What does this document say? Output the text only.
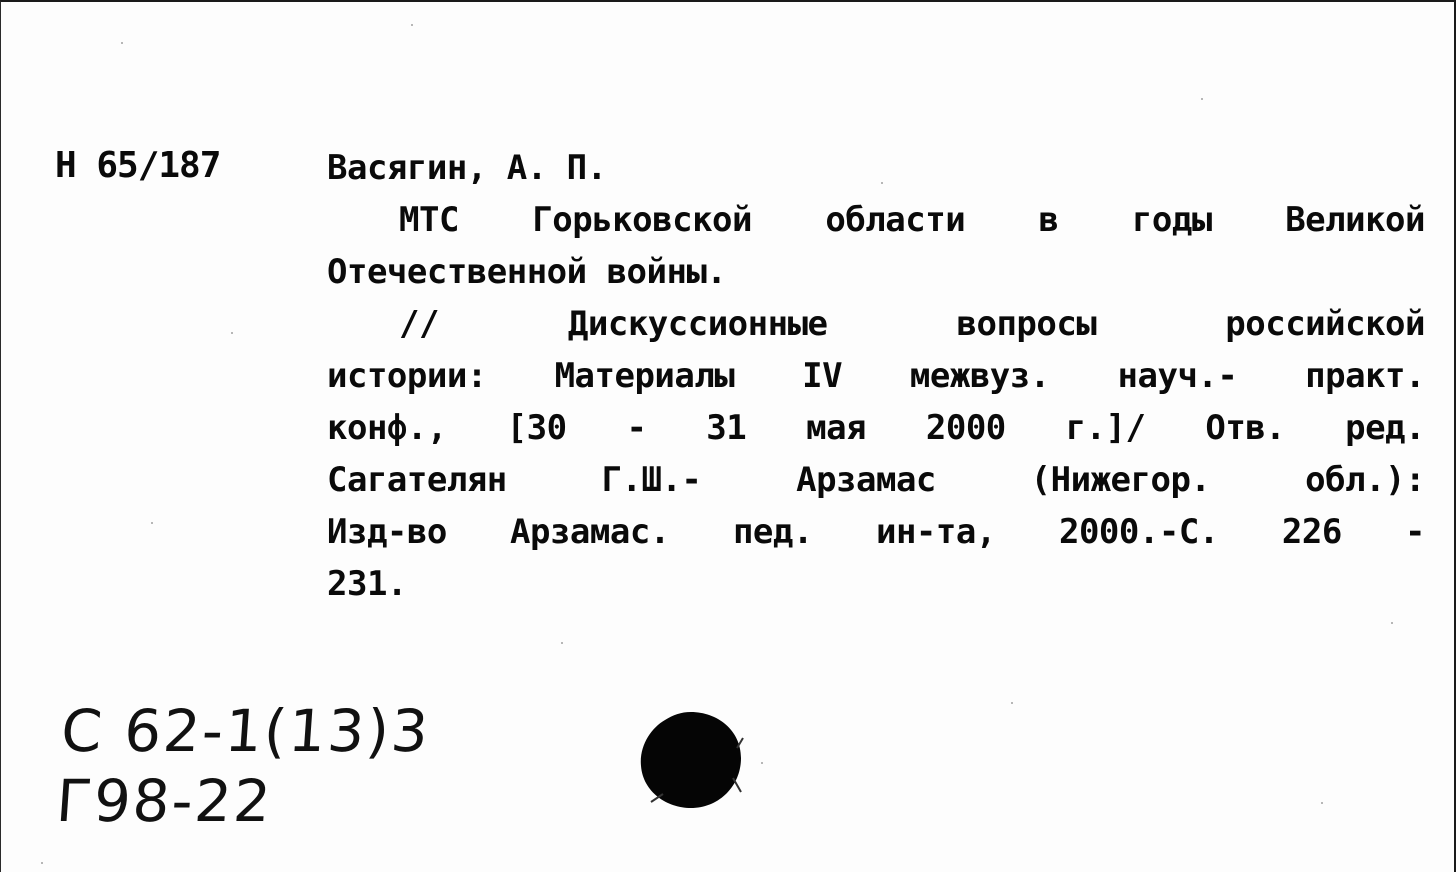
Н 65/187	Васягин, А. П.
МТС Горьковской области в годы Великой
Отечественной войны.
// Дискуссионные вопросы российской
истории: Материалы IV межвуз. науч.- практ.
конф., [30 - 31 мая 2000 г.]/ Отв. ред.
Сагателян Г.Ш.- Арзамас (Нижегор. обл.):
Изд-во Арзамас. пед. ин-та, 2000.-С. 226 -
231.
С 62-1(13)3
Г98-22
